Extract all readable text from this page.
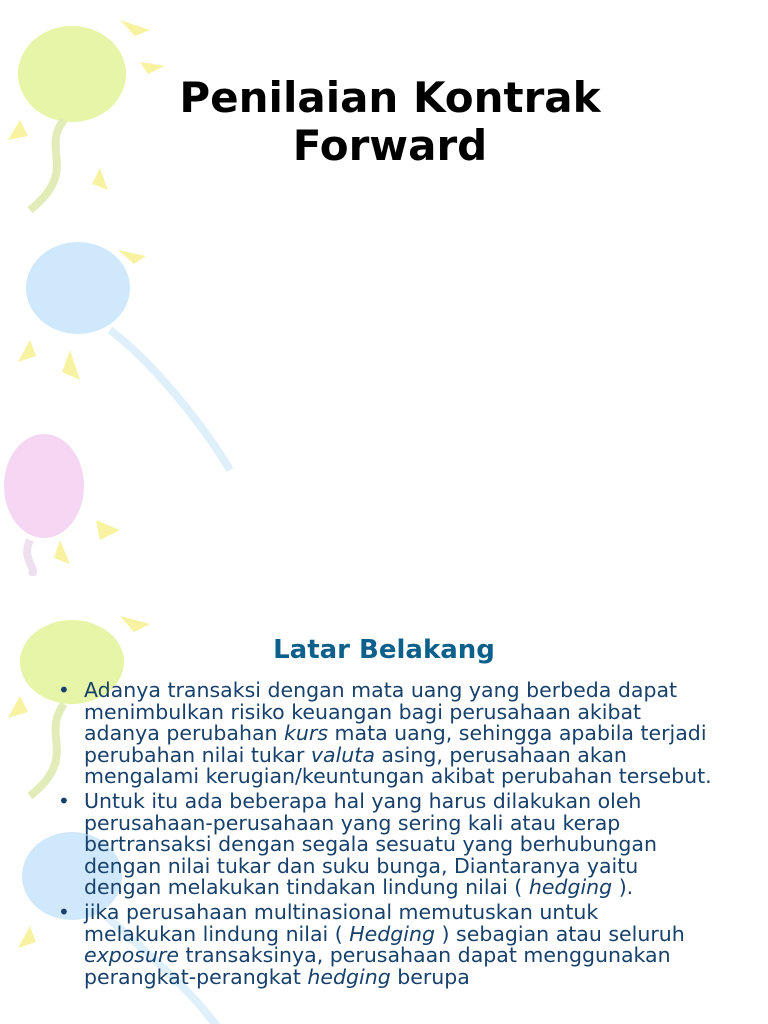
Penilaian Kontrak
Forward
Latar Belakang
• Adanya transaksi dengan mata uang yang berbeda dapat menimbulkan risiko keuangan bagi perusahaan akibat adanya perubahan kurs mata uang, sehingga apabila terjadi perubahan nilai tukar valuta asing, perusahaan akan mengalami kerugian/keuntungan akibat perubahan tersebut.
• Untuk itu ada beberapa hal yang harus dilakukan oleh perusahaan-perusahaan yang sering kali atau kerap bertransaksi dengan segala sesuatu yang berhubungan dengan nilai tukar dan suku bunga, Diantaranya yaitu dengan melakukan tindakan lindung nilai ( hedging ).
• jika perusahaan multinasional memutuskan untuk melakukan lindung nilai ( Hedging ) sebagian atau seluruh exposure transaksinya, perusahaan dapat menggunakan perangkat-perangkat hedging berupa
